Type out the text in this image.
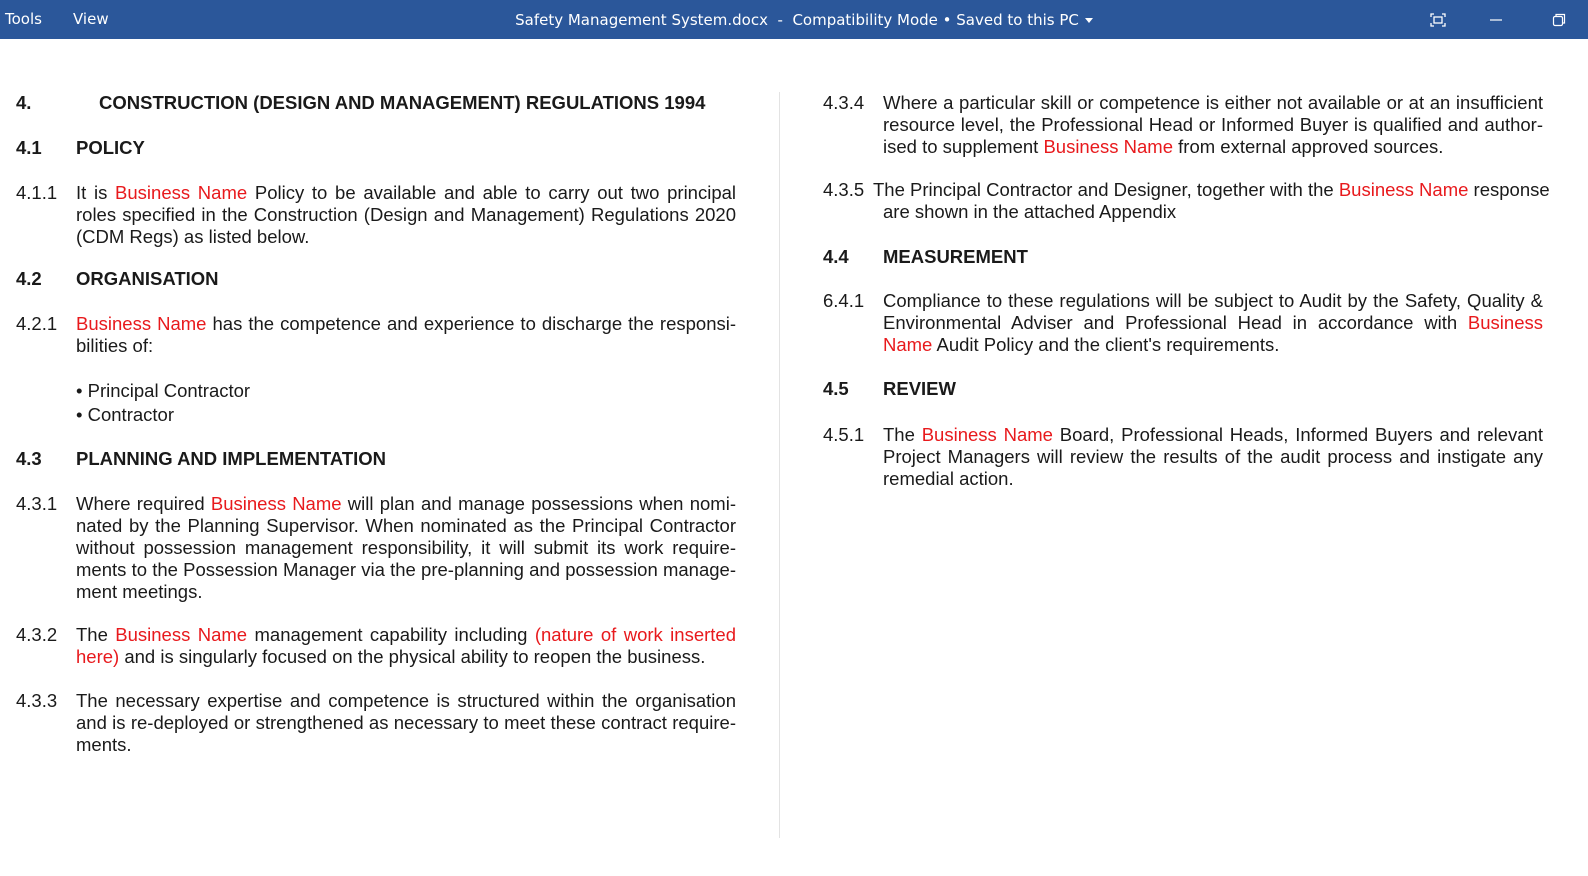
Tools View	Safety Management System.docx  -  Compatibility Mode • Saved to this PC
4.	CONSTRUCTION (DESIGN AND MANAGEMENT) REGULATIONS 1994
4.1 POLICY
4.1.1 It is Business Name Policy to be available and able to carry out two principal roles specified in the Construction (Design and Management) Regulations 2020 (CDM Regs) as listed below.
4.2 ORGANISATION
4.2.1 Business Name has the competence and experience to discharge the responsi-bilities of:
• Principal Contractor
• Contractor
4.3 PLANNING AND IMPLEMENTATION
4.3.1 Where required Business Name will plan and manage possessions when nomi-nated by the Planning Supervisor. When nominated as the Principal Contractor without possession management responsibility, it will submit its work require-ments to the Possession Manager via the pre-planning and possession manage-ment meetings.
4.3.2 The Business Name management capability including (nature of work inserted here) and is singularly focused on the physical ability to reopen the business.
4.3.3 The necessary expertise and competence is structured within the organisation and is re-deployed or strengthened as necessary to meet these contract require-ments.
4.3.4 Where a particular skill or competence is either not available or at an insufficient resource level, the Professional Head or Informed Buyer is qualified and author-ised to supplement Business Name from external approved sources.
4.3.5 The Principal Contractor and Designer, together with the Business Name response
are shown in the attached Appendix
4.4 MEASUREMENT
6.4.1 Compliance to these regulations will be subject to Audit by the Safety, Quality & Environmental Adviser and Professional Head in accordance with Business Name Audit Policy and the client's requirements.
4.5 REVIEW
4.5.1 The Business Name Board, Professional Heads, Informed Buyers and relevant Project Managers will review the results of the audit process and instigate any remedial action.
